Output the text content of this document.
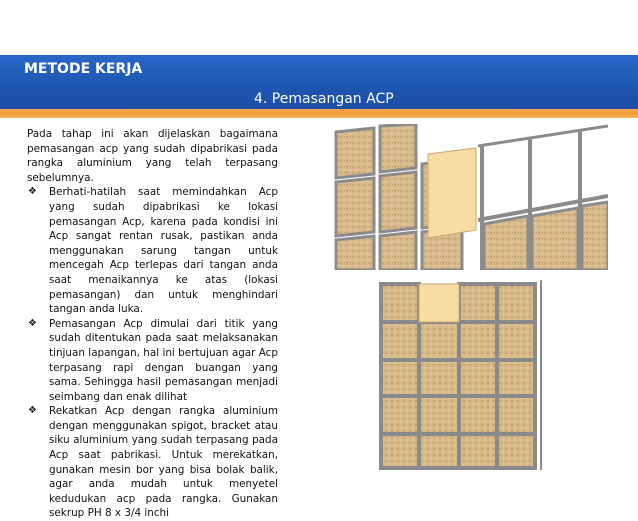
METODE KERJA
4. Pemasangan ACP

Pada tahap ini akan dijelaskan bagaimana pemasangan acp yang sudah dipabrikasi pada rangka aluminium yang telah terpasang sebelumnya.

❖ Berhati-hatilah saat memindahkan Acp yang sudah dipabrikasi ke lokasi pemasangan Acp, karena pada kondisi ini Acp sangat rentan rusak, pastikan anda menggunakan sarung tangan untuk mencegah Acp terlepas dari tangan anda saat menaikannya ke atas (lokasi pemasangan) dan untuk menghindari tangan anda luka.
❖ Pemasangan Acp dimulai dari titik yang sudah ditentukan pada saat melaksanakan tinjuan lapangan, hal ini bertujuan agar Acp terpasang rapi dengan buangan yang sama. Sehingga hasil pemasangan menjadi seimbang dan enak dilihat
❖ Rekatkan Acp dengan rangka aluminium dengan menggunakan spigot, bracket atau siku aluminium yang sudah terpasang pada Acp saat pabrikasi. Untuk merekatkan, gunakan mesin bor yang bisa bolak balik, agar anda mudah untuk menyetel kedudukan acp pada rangka. Gunakan sekrup PH 8 x 3/4 inchi
